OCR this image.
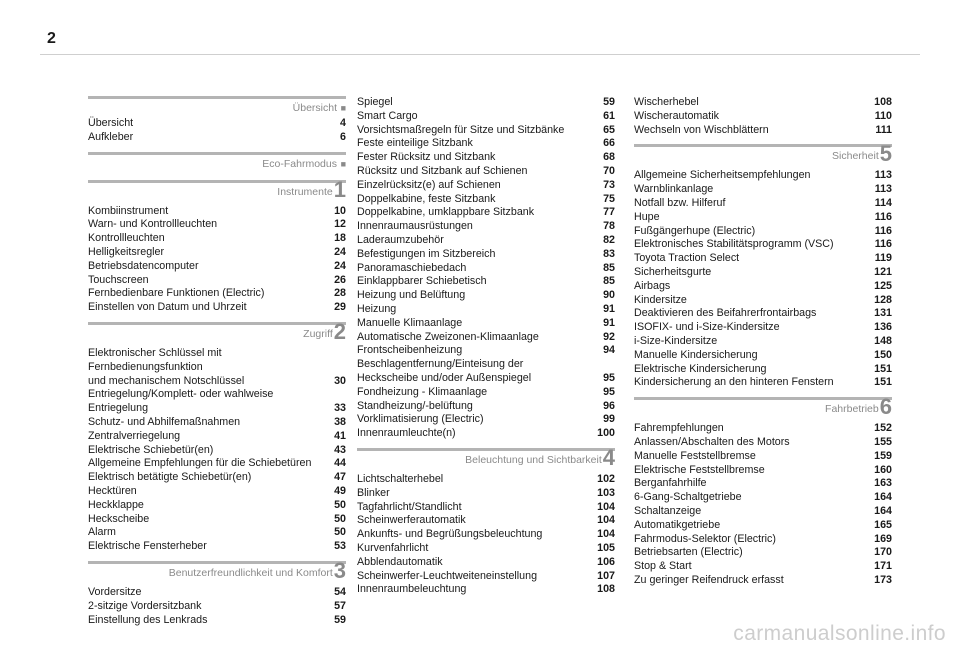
2
Übersicht ■
Übersicht	4
Aufkleber	6
Eco-Fahrmodus ■
Instrumente1
Kombiinstrument	10
Warn- und Kontrollleuchten	12
Kontrollleuchten	18
Helligkeitsregler	24
Betriebsdatencomputer	24
Touchscreen	26
Fernbedienbare Funktionen (Electric)	28
Einstellen von Datum und Uhrzeit	29
Zugriff2
Elektronischer Schlüssel mit Fernbedienungsfunktion
und mechanischem Notschlüssel	30
Entriegelung/Komplett- oder wahlweise
Entriegelung	33
Schutz- und Abhilfemaßnahmen	38
Zentralverriegelung	41
Elektrische Schiebetür(en)	43
Allgemeine Empfehlungen für die Schiebetüren	44
Elektrisch betätigte Schiebetür(en)	47
Hecktüren	49
Heckklappe	50
Heckscheibe	50
Alarm	50
Elektrische Fensterheber	53
Benutzerfreundlichkeit und Komfort3
Vordersitze	54
2-sitzige Vordersitzbank	57
Einstellung des Lenkrads	59
Spiegel	59
Smart Cargo	61
Vorsichtsmaßregeln für Sitze und Sitzbänke	65
Feste einteilige Sitzbank	66
Fester Rücksitz und Sitzbank	68
Rücksitz und Sitzbank auf Schienen	70
Einzelrücksitz(e) auf Schienen	73
Doppelkabine, feste Sitzbank	75
Doppelkabine, umklappbare Sitzbank	77
Innenraumausrüstungen	78
Laderaumzubehör	82
Befestigungen im Sitzbereich	83
Panoramaschiebedach	85
Einklappbarer Schiebetisch	85
Heizung und Belüftung	90
Heizung	91
Manuelle Klimaanlage	91
Automatische Zweizonen-Klimaanlage	92
Frontscheibenheizung	94
Beschlagentfernung/Einteisung der
Heckscheibe und/oder Außenspiegel	95
Fondheizung - Klimaanlage	95
Standheizung/-belüftung	96
Vorklimatisierung (Electric)	99
Innenraumleuchte(n)	100
Beleuchtung und Sichtbarkeit4
Lichtschalterhebel	102
Blinker	103
Tagfahrlicht/Standlicht	104
Scheinwerferautomatik	104
Ankunfts- und Begrüßungsbeleuchtung	104
Kurvenfahrlicht	105
Abblendautomatik	106
Scheinwerfer-Leuchtweiteneinstellung	107
Innenraumbeleuchtung	108
Wischerhebel	108
Wischerautomatik	110
Wechseln von Wischblättern	111
Sicherheit5
Allgemeine Sicherheitsempfehlungen	113
Warnblinkanlage	113
Notfall bzw. Hilferuf	114
Hupe	116
Fußgängerhupe (Electric)	116
Elektronisches Stabilitätsprogramm (VSC)	116
Toyota Traction Select	119
Sicherheitsgurte	121
Airbags	125
Kindersitze	128
Deaktivieren des Beifahrerfrontairbags	131
ISOFIX- und i-Size-Kindersitze	136
i-Size-Kindersitze	148
Manuelle Kindersicherung	150
Elektrische Kindersicherung	151
Kindersicherung an den hinteren Fenstern	151
Fahrbetrieb6
Fahrempfehlungen	152
Anlassen/Abschalten des Motors	155
Manuelle Feststellbremse	159
Elektrische Feststellbremse	160
Berganfahrhilfe	163
6-Gang-Schaltgetriebe	164
Schaltanzeige	164
Automatikgetriebe	165
Fahrmodus-Selektor (Electric)	169
Betriebsarten (Electric)	170
Stop & Start	171
Zu geringer Reifendruck erfasst	173
carmanualsonline.info
